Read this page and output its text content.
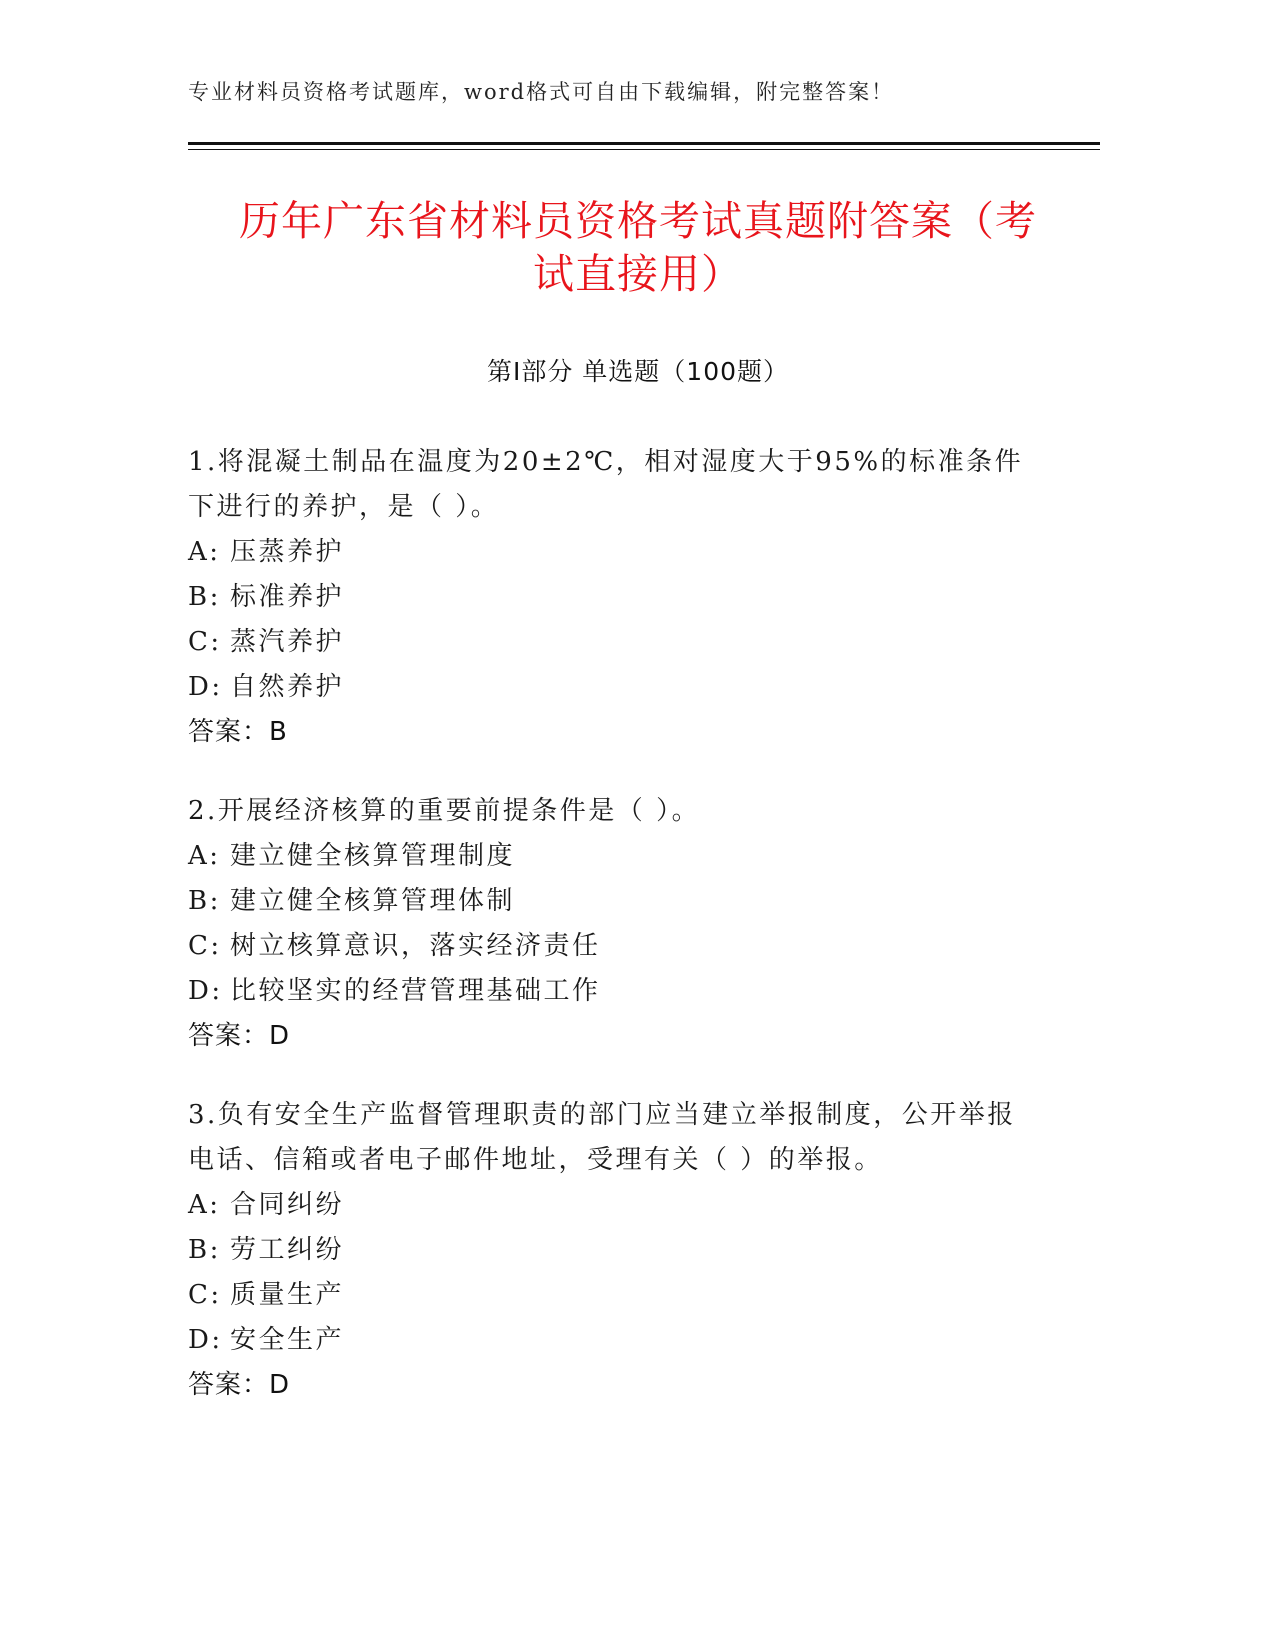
专业材料员资格考试题库，word格式可自由下载编辑，附完整答案！
历年广东省材料员资格考试真题附答案（考
试直接用）
第Ⅰ部分 单选题（100题）

1.将混凝土制品在温度为20±2℃，相对湿度大于95%的标准条件下进行的养护，是（ ）。

A: 压蒸养护

B: 标准养护

C: 蒸汽养护

D: 自然养护

答案：B

2.开展经济核算的重要前提条件是（ ）。

A: 建立健全核算管理制度

B: 建立健全核算管理体制

C: 树立核算意识，落实经济责任

D: 比较坚实的经营管理基础工作

答案：D

3.负有安全生产监督管理职责的部门应当建立举报制度，公开举报电话、信箱或者电子邮件地址，受理有关（ ）的举报。

A: 合同纠纷

B: 劳工纠纷

C: 质量生产

D: 安全生产

答案：D
